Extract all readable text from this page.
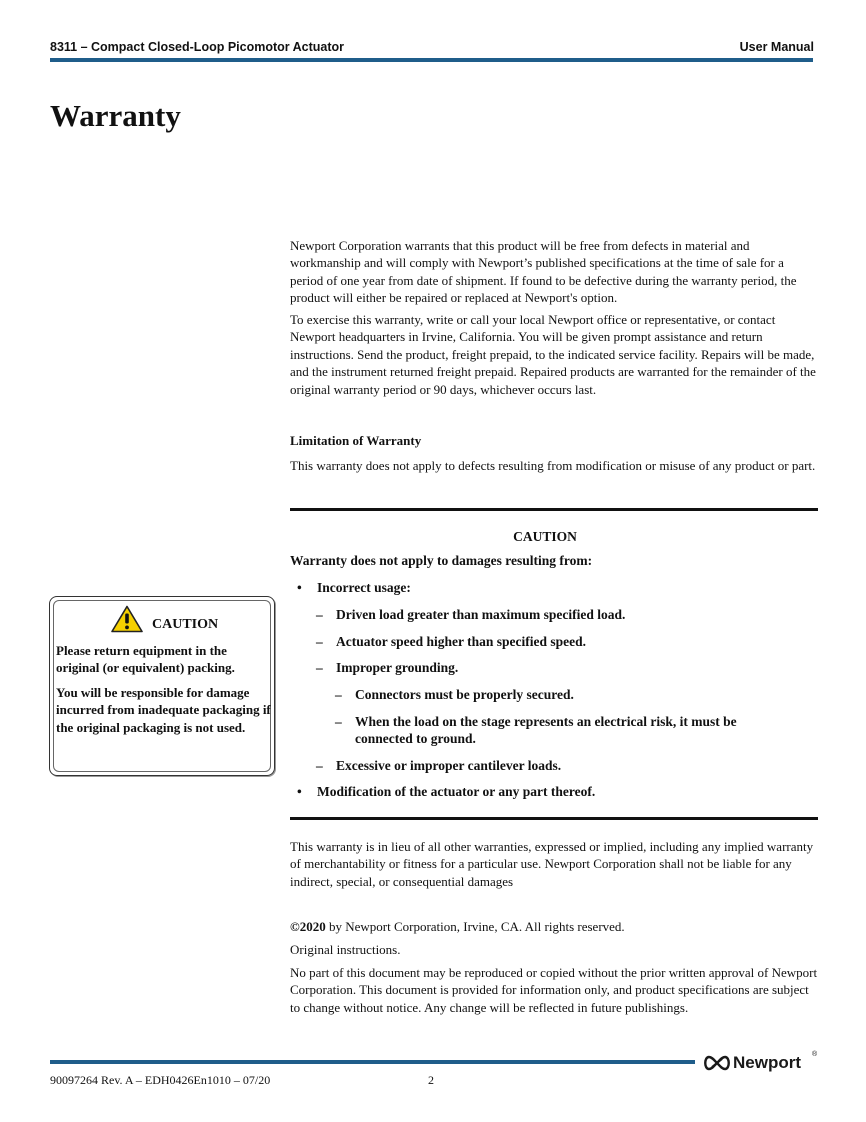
8311 – Compact Closed-Loop Picomotor Actuator	User Manual
Warranty

Newport Corporation warrants that this product will be free from defects in material and workmanship and will comply with Newport’s published specifications at the time of sale for a period of one year from date of shipment. If found to be defective during the warranty period, the product will either be repaired or replaced at Newport's option.

To exercise this warranty, write or call your local Newport office or representative, or contact Newport headquarters in Irvine, California. You will be given prompt assistance and return instructions. Send the product, freight prepaid, to the indicated service facility. Repairs will be made, and the instrument returned freight prepaid. Repaired products are warranted for the remainder of the original warranty period or 90 days, whichever occurs last.

Limitation of Warranty

This warranty does not apply to defects resulting from modification or misuse of any product or part.

CAUTION
Warranty does not apply to damages resulting from:
• Incorrect usage:
– Driven load greater than maximum specified load.
– Actuator speed higher than specified speed.
– Improper grounding.
– Connectors must be properly secured.
– When the load on the stage represents an electrical risk, it must be connected to ground.
– Excessive or improper cantilever loads.
• Modification of the actuator or any part thereof.

This warranty is in lieu of all other warranties, expressed or implied, including any implied warranty of merchantability or fitness for a particular use. Newport Corporation shall not be liable for any indirect, special, or consequential damages

©2020 by Newport Corporation, Irvine, CA. All rights reserved.

Original instructions.

No part of this document may be reproduced or copied without the prior written approval of Newport Corporation. This document is provided for information only, and product specifications are subject to change without notice. Any change will be reflected in future publishings.

CAUTION
Please return equipment in the original (or equivalent) packing.
You will be responsible for damage incurred from inadequate packaging if the original packaging is not used.
Newport ®
90097264 Rev. A – EDH0426En1010 – 07/20	2
